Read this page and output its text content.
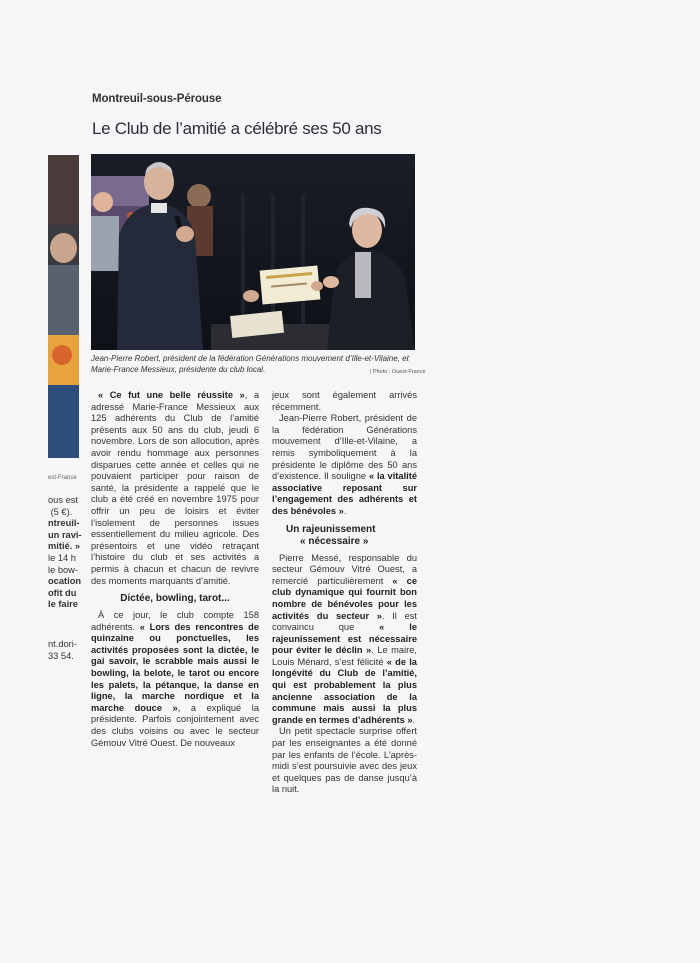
est-France
ous est
(5 €).
ntreuil-
un ravi-
mitié. »
le 14 h
le bow-
ocation
ofit du
le faire
nt.dori-
33 54.
Montreuil-sous-Pérouse
Le Club de l’amitié a célébré ses 50 ans
Jean-Pierre Robert, président de la fédération Générations mouvement d’Ille-et-Vilaine, et Marie-France Messieux, présidente du club local.	| Photo : Ouest-France

« Ce fut une belle réussite », a adressé Marie-France Messieux aux 125 adhérents du Club de l’amitié présents aux 50 ans du club, jeudi 6 novembre. Lors de son allocution, après avoir rendu hommage aux personnes disparues cette année et celles qui ne pouvaient participer pour raison de santé, la présidente a rappelé que le club a été créé en novembre 1975 pour offrir un peu de loisirs et éviter l’isolement de personnes issues essentiellement du milieu agricole. Des présentoirs et une vidéo retraçant l’histoire du club et ses activités a permis à chacun et chacun de revivre des moments marquants d’amitié.

Dictée, bowling, tarot...

À ce jour, le club compte 158 adhérents. « Lors des rencontres de quinzaine ou ponctuelles, les activités proposées sont la dictée, le gai savoir, le scrabble mais aussi le bowling, la belote, le tarot ou encore les palets, la pétanque, la danse en ligne, la marche nordique et la marche douce », a expliqué la présidente. Parfois conjointement avec des clubs voisins ou avec le secteur Gémouv Vitré Ouest. De nouveaux

jeux sont également arrivés récemment.

Jean-Pierre Robert, président de la fédération Générations mouvement d’Ille-et-Vilaine, a remis symboliquement à la présidente le diplôme des 50 ans d’existence. Il souligne « la vitalité associative reposant sur l’engagement des adhérents et des bénévoles ».

Un rajeunissement
« nécessaire »

Pierre Messé, responsable du secteur Gémouv Vitré Ouest, a remercié particulièrement « ce club dynamique qui fournit bon nombre de bénévoles pour les activités du secteur ». Il est convaincu que « le rajeunissement est nécessaire pour éviter le déclin ». Le maire, Louis Ménard, s’est félicité « de la longévité du Club de l’amitié, qui est probablement la plus ancienne association de la commune mais aussi la plus grande en termes d’adhérents ».

Un petit spectacle surprise offert par les enseignantes a été donné par les enfants de l’école. L’après-midi s’est poursuivie avec des jeux et quelques pas de danse jusqu’à la nuit.
